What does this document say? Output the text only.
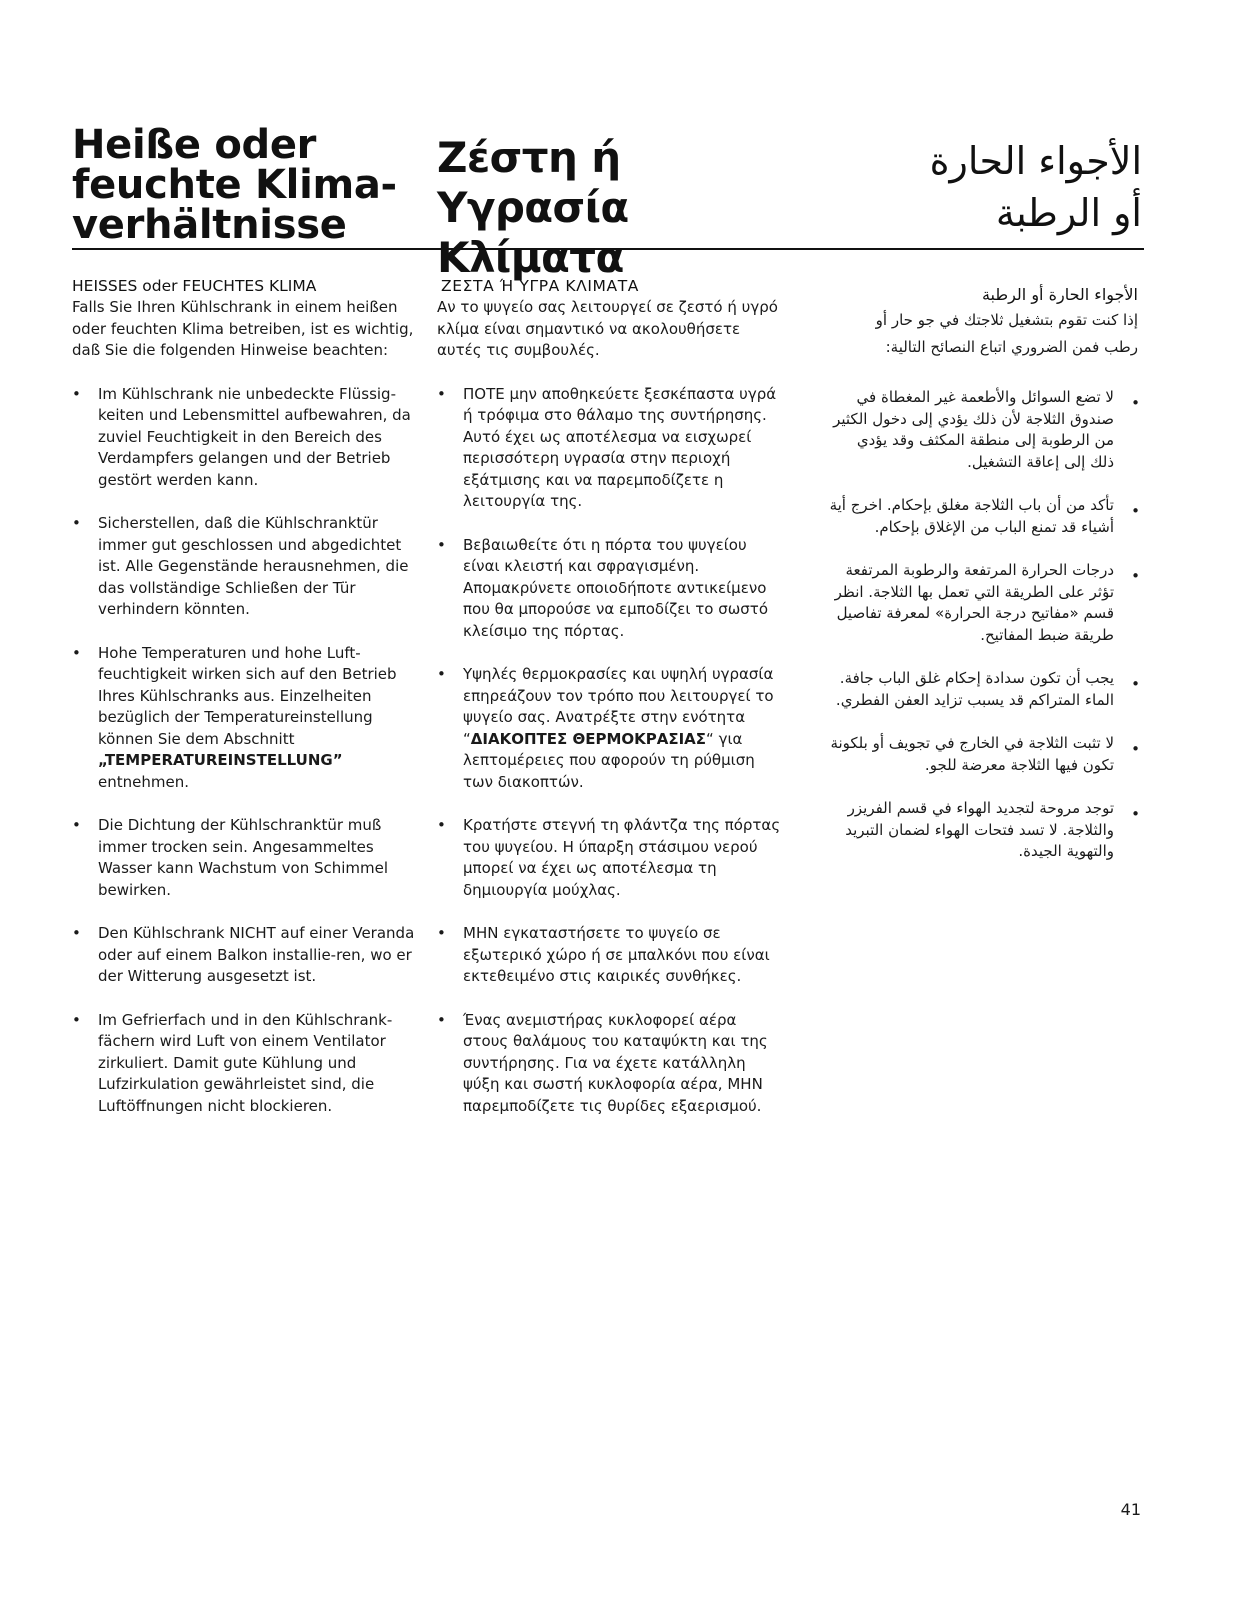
Heiße oder
feuchte Klima-
verhältnisse

HEISSES oder FEUCHTES KLIMA

Falls Sie Ihren Kühlschrank in einem heißen oder feuchten Klima betreiben, ist es wichtig, daß Sie die folgenden Hinweise beachten:

• Im Kühlschrank nie unbedeckte Flüssig-keiten und Lebensmittel aufbewahren, da zuviel Feuchtigkeit in den Bereich des Verdampfers gelangen und der Betrieb gestört werden kann.
• Sicherstellen, daß die Kühlschranktür immer gut geschlossen und abgedichtet ist. Alle Gegenstände herausnehmen, die das vollständige Schließen der Tür verhindern könnten.
• Hohe Temperaturen und hohe Luft-feuchtigkeit wirken sich auf den Betrieb Ihres Kühlschranks aus. Einzelheiten bezüglich der Temperatureinstellung können Sie dem Abschnitt
„TEMPERATUREINSTELLUNG”
entnehmen.
• Die Dichtung der Kühlschranktür muß immer trocken sein. Angesammeltes Wasser kann Wachstum von Schimmel bewirken.
• Den Kühlschrank NICHT auf einer Veranda oder auf einem Balkon installie-ren, wo er der Witterung ausgesetzt ist.
• Im Gefrierfach und in den Kühlschrank-fächern wird Luft von einem Ventilator zirkuliert. Damit gute Kühlung und Lufzirkulation gewährleistet sind, die Luftöffnungen nicht blockieren.
Ζέστη ή Υγρασία
Κλίματα

ΖΕΣΤΑ Ή ΥΓΡΑ ΚΛΙΜΑΤΑ

Αν το ψυγείο σας λειτουργεί σε ζεστό ή υγρό κλίμα είναι σημαντικό να ακολουθήσετε αυτές τις συμβουλές.

• ΠΟΤΕ μην αποθηκεύετε ξεσκέπαστα υγρά ή τρόφιμα στο θάλαμο της συντήρησης. Αυτό έχει ως αποτέλεσμα να εισχωρεί περισσότερη υγρασία στην περιοχή εξάτμισης και να παρεμποδίζετε η λειτουργία της.
• Βεβαιωθείτε ότι η πόρτα του ψυγείου είναι κλειστή και σφραγισμένη. Απομακρύνετε οποιοδήποτε αντικείμενο που θα μπορούσε να εμποδίζει το σωστό κλείσιμο της πόρτας.
• Υψηλές θερμοκρασίες και υψηλή υγρασία επηρεάζουν τον τρόπο που λειτουργεί το ψυγείο σας. Ανατρέξτε στην ενότητα “ΔΙΑΚΟΠΤΕΣ ΘΕΡΜΟΚΡΑΣΙΑΣ“ για λεπτομέρειες που αφορούν τη ρύθμιση των διακοπτών.
• Κρατήστε στεγνή τη φλάντζα της πόρτας του ψυγείου. Η ύπαρξη στάσιμου νερού μπορεί να έχει ως αποτέλεσμα τη δημιουργία μούχλας.
• ΜΗΝ εγκαταστήσετε το ψυγείο σε εξωτερικό χώρο ή σε μπαλκόνι που είναι εκτεθειμένο στις καιρικές συνθήκες.
• Ένας ανεμιστήρας κυκλοφορεί αέρα στους θαλάμους του καταψύκτη και της συντήρησης. Για να έχετε κατάλληλη ψύξη και σωστή κυκλοφορία αέρα, ΜΗΝ παρεμποδίζετε τις θυρίδες εξαερισμού.
الأجواء الحارة
أو الرطبة

الأجواء الحارة أو الرطبة

إذا كنت تقوم بتشغيل ثلاجتك في جو حار أو رطب فمن الضروري اتباع النصائح التالية:

•
لا تضع السوائل والأطعمة غير المغطاة في صندوق الثلاجة لأن ذلك يؤدي إلى دخول الكثير من الرطوبة إلى منطقة المكثف وقد يؤدي ذلك إلى إعاقة التشغيل.
•
تأكد من أن باب الثلاجة مغلق بإحكام. اخرج أية أشياء قد تمنع الباب من الإغلاق بإحكام.
•
درجات الحرارة المرتفعة والرطوبة المرتفعة تؤثر على الطريقة التي تعمل بها الثلاجة. انظر قسم «مفاتيح درجة الحرارة» لمعرفة تفاصيل طريقة ضبط المفاتيح.
•
يجب أن تكون سدادة إحكام غلق الباب جافة. الماء المتراكم قد يسبب تزايد العفن الفطري.
•
لا تثبت الثلاجة في الخارج في تجويف أو بلكونة تكون فيها الثلاجة معرضة للجو.
•
توجد مروحة لتجديد الهواء في قسم الفريزر والثلاجة. لا تسد فتحات الهواء لضمان التبريد والتهوية الجيدة.
41
